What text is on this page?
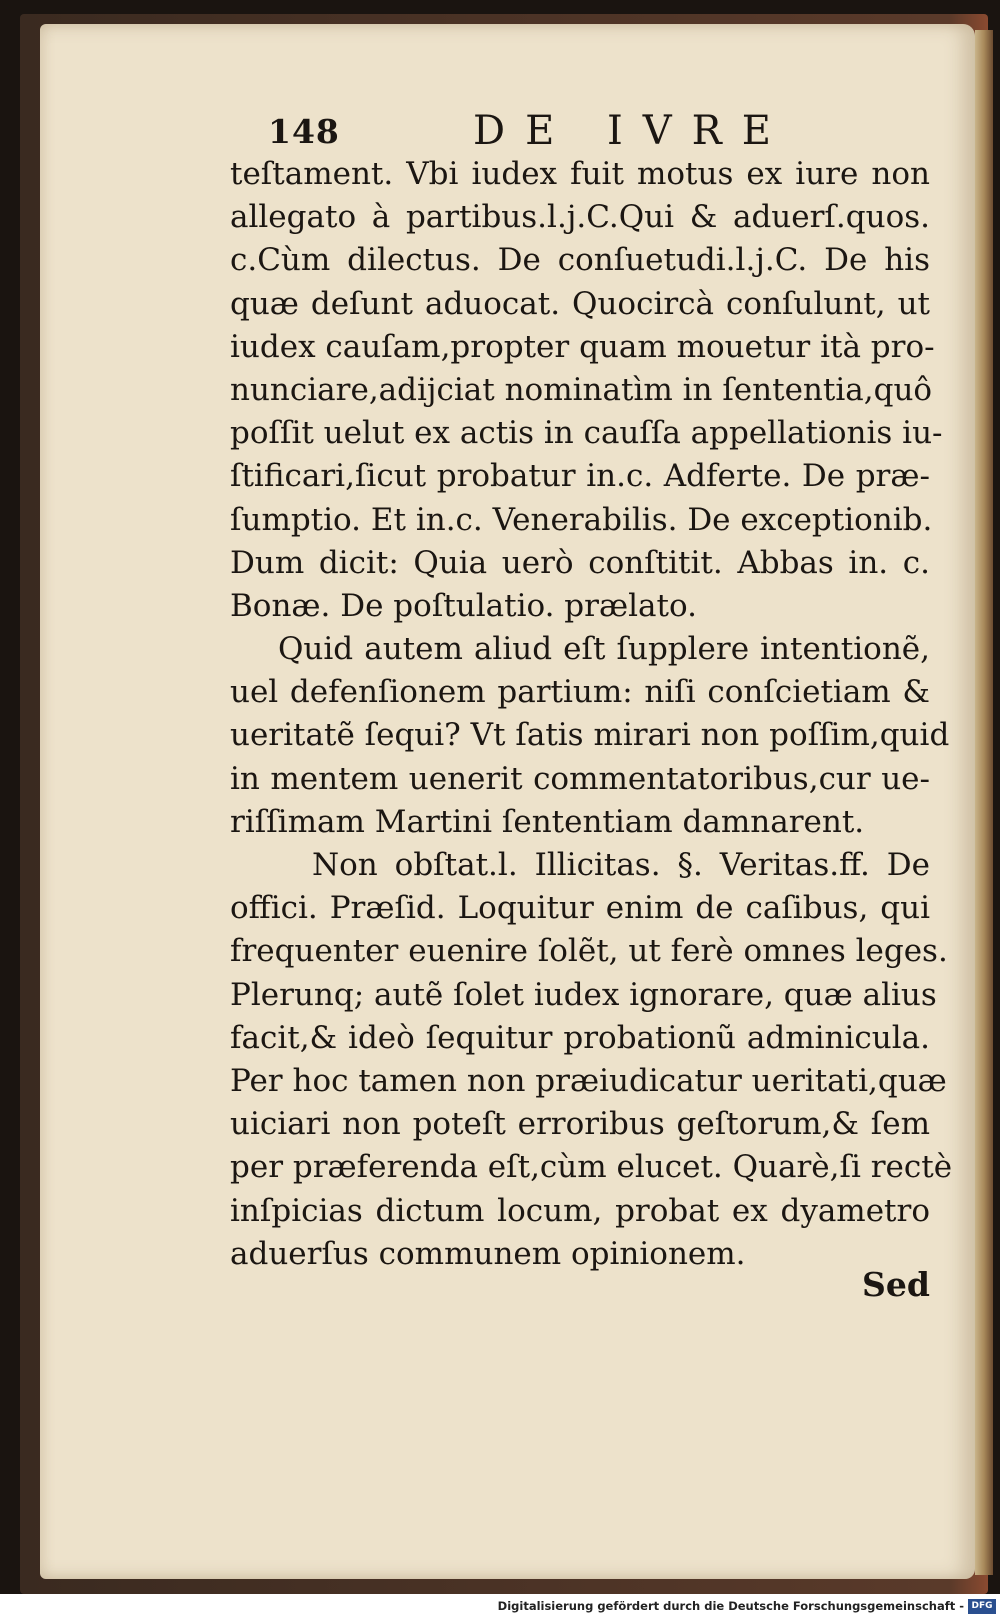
148	DE IVRE
teſtament. Vbi iudex fuit motus ex iure non
allegato à partibus.l.j.C.Qui & aduerſ.quos.
c.Cùm dilectus. De conſuetudi.l.j.C. De his
quæ deſunt aduocat. Quocircà conſulunt, ut
iudex cauſam,propter quam mouetur ità pro-
nunciare,adijciat nominatìm in ſententia,quô
poſſit uelut ex actis in cauſſa appellationis iu-
ſtificari,ſicut probatur in.c. Adferte. De præ-
ſumptio. Et in.c. Venerabilis. De exceptionib.
Dum dicit: Quia uerò conſtitit. Abbas in. c.
Bonæ. De poſtulatio. prælato.
Quid autem aliud eſt ſupplere intentionẽ,
uel defenſionem partium: niſi conſcietiam &
ueritatẽ ſequi? Vt ſatis mirari non poſſim,quid
in mentem uenerit commentatoribus,cur ue-
riſſimam Martini ſententiam damnarent.
Non obſtat.l. Illicitas. §. Veritas.ff. De
offici. Præſid. Loquitur enim de caſibus, qui
frequenter euenire ſolẽt, ut ferè omnes leges.
Plerunq; autẽ ſolet iudex ignorare, quæ alius
facit,& ideò ſequitur probationũ adminicula.
Per hoc tamen non præiudicatur ueritati,quæ
uiciari non poteſt erroribus geſtorum,& ſem
per præferenda eſt,cùm elucet. Quarè,ſi rectè
inſpicias dictum locum, probat ex dyametro
aduerſus communem opinionem.
Sed
Digitalisierung gefördert durch die Deutsche Forschungsgemeinschaft - DFG
